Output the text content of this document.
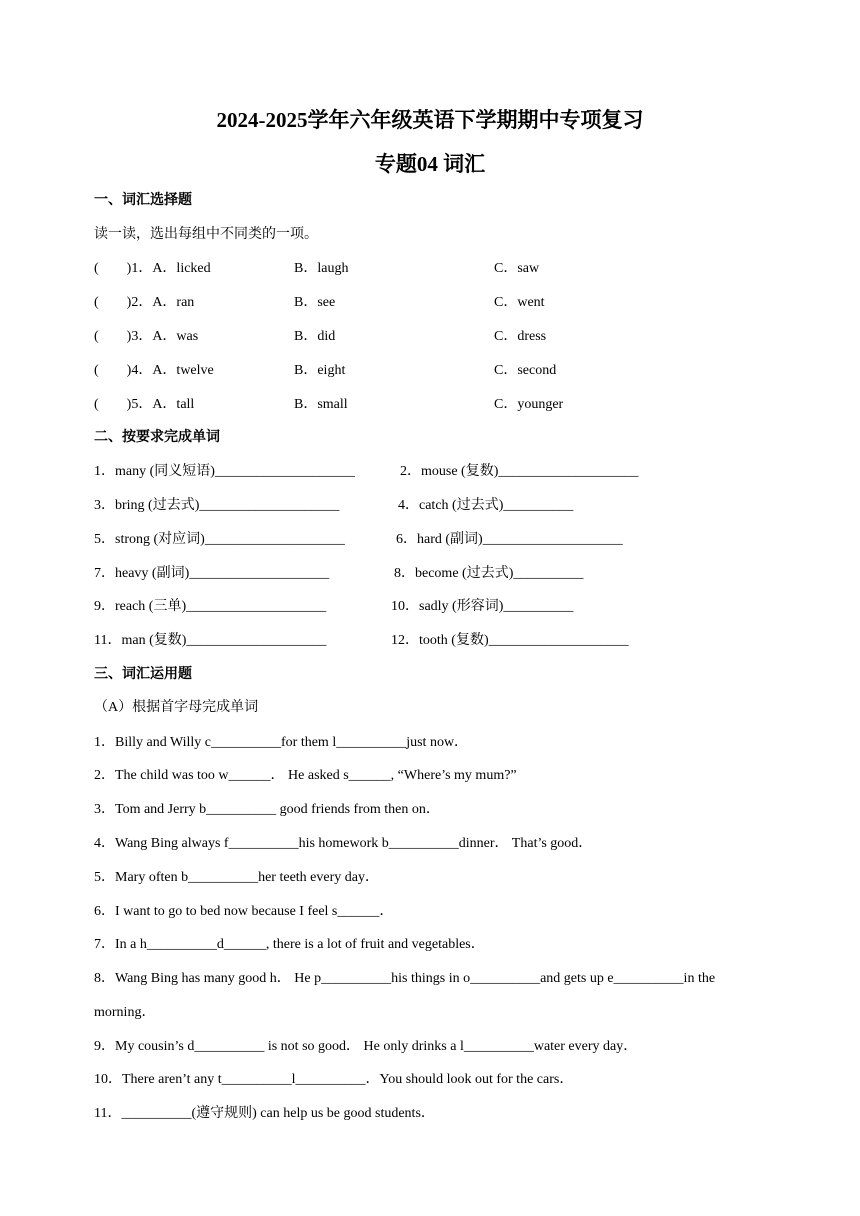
2024-2025学年六年级英语下学期期中专项复习
专题04 词汇
一、词汇选择题
读一读，选出每组中不同类的一项。
(　　)1．A．licked	B．laugh	C．saw
(　　)2．A．ran	B．see	C．went
(　　)3．A．was	B．did	C．dress
(　　)4．A．twelve	B．eight	C．second
(　　)5．A．tall	B．small	C．younger
二、按要求完成单词
1．many (同义短语)____________________	2．mouse (复数)____________________
3．bring (过去式)____________________	4．catch (过去式)__________
5．strong (对应词)____________________	6．hard (副词)____________________
7．heavy (副词)____________________	8．become (过去式)__________
9．reach (三单)____________________	10．sadly (形容词)__________
11．man (复数)____________________	12．tooth (复数)____________________
三、词汇运用题
（A）根据首字母完成单词
1．Billy and Willy c__________for them l__________just now．
2．The child was too w______． He asked s______, “Where’s my mum?”
3．Tom and Jerry b__________ good friends from then on．
4．Wang Bing always f__________his homework b__________dinner． That’s good．
5．Mary often b__________her teeth every day．
6．I want to go to bed now because I feel s______．
7．In a h__________d______, there is a lot of fruit and vegetables．
8．Wang Bing has many good h． He p__________his things in o__________and gets up e__________in the
morning．
9．My cousin’s d__________ is not so good． He only drinks a l__________water every day．
10．There aren’t any t__________l__________．You should look out for the cars．
11．__________(遵守规则) can help us be good students．
